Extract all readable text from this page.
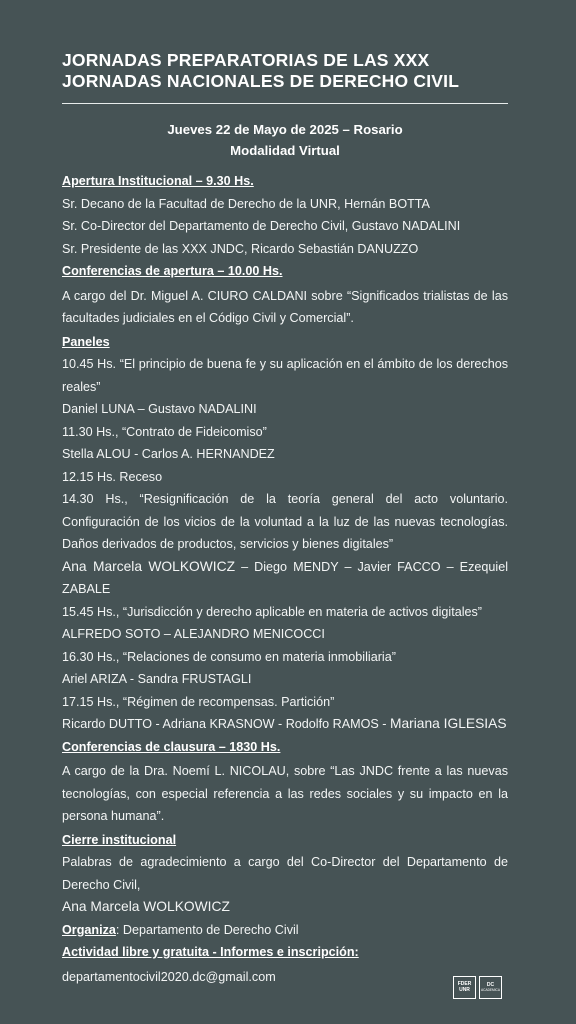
JORNADAS PREPARATORIAS DE LAS XXX
JORNADAS NACIONALES DE DERECHO CIVIL
Jueves 22 de Mayo de 2025 – Rosario
Modalidad Virtual
Apertura Institucional – 9.30 Hs.
Sr. Decano de la Facultad de Derecho de la UNR, Hernán BOTTA
Sr. Co-Director del Departamento de Derecho Civil, Gustavo NADALINI
Sr. Presidente de las XXX JNDC, Ricardo Sebastián DANUZZO
Conferencias de apertura – 10.00 Hs.
A cargo del Dr. Miguel A. CIURO CALDANI sobre “Significados trialistas de las facultades judiciales en el Código Civil y Comercial”.
Paneles
10.45 Hs. “El principio de buena fe y su aplicación en el ámbito de los derechos reales”
Daniel LUNA – Gustavo NADALINI
11.30 Hs., “Contrato de Fideicomiso”
Stella ALOU - Carlos A. HERNANDEZ
12.15 Hs. Receso
14.30 Hs., “Resignificación de la teoría general del acto voluntario. Configuración de los vicios de la voluntad a la luz de las nuevas tecnologías. Daños derivados de productos, servicios y bienes digitales”
Ana Marcela WOLKOWICZ – Diego MENDY – Javier FACCO – Ezequiel ZABALE
15.45 Hs., “Jurisdicción y derecho aplicable en materia de activos digitales”
ALFREDO SOTO – ALEJANDRO MENICOCCI
16.30 Hs., “Relaciones de consumo en materia inmobiliaria”
Ariel ARIZA - Sandra FRUSTAGLI
17.15 Hs., “Régimen de recompensas. Partición”
Ricardo DUTTO - Adriana KRASNOW - Rodolfo RAMOS - Mariana IGLESIAS
Conferencias de clausura – 1830 Hs.
A cargo de la Dra. Noemí L. NICOLAU, sobre “Las JNDC frente a las nuevas tecnologías, con especial referencia a las redes sociales y su impacto en la persona humana”.
Cierre institucional
Palabras de agradecimiento a cargo del Co-Director del Departamento de Derecho Civil,
Ana Marcela WOLKOWICZ
Organiza: Departamento de Derecho Civil
Actividad libre y gratuita - Informes e inscripción:
departamentocivil2020.dc@gmail.com
FDER
UNR
DC
ACADEMICA
